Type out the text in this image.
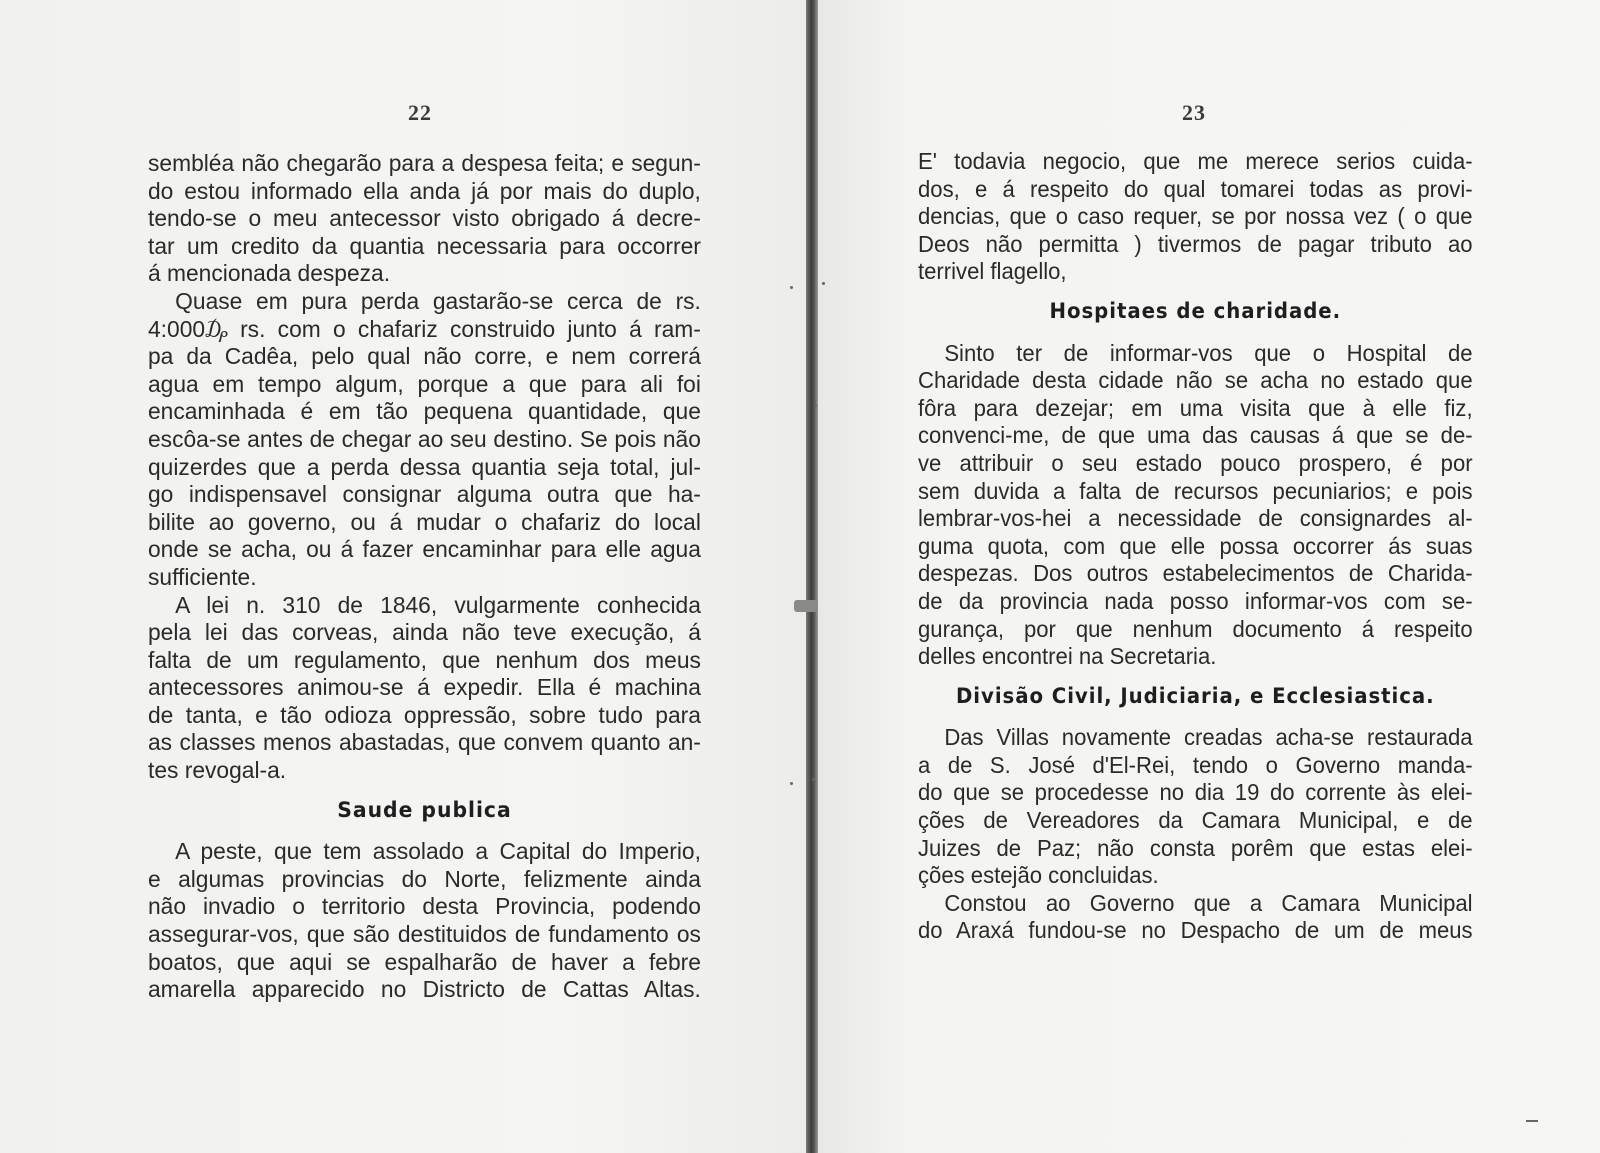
22
sembléa não chegarão para a despesa feita; e segun-
do estou informado ella anda já por mais do duplo,
tendo-se o meu antecessor visto obrigado á decre-
tar um credito da quantia necessaria para occorrer
á mencionada despeza.
Quase em pura perda gastarão-se cerca de rs.
4:000₯ rs. com o chafariz construido junto á ram-
pa da Cadêa, pelo qual não corre, e nem correrá
agua em tempo algum, porque a que para ali foi
encaminhada é em tão pequena quantidade, que
escôa-se antes de chegar ao seu destino. Se pois não
quizerdes que a perda dessa quantia seja total, jul-
go indispensavel consignar alguma outra que ha-
bilite ao governo, ou á mudar o chafariz do local
onde se acha, ou á fazer encaminhar para elle agua
sufficiente.
A lei n. 310 de 1846, vulgarmente conhecida
pela lei das corveas, ainda não teve execução, á
falta de um regulamento, que nenhum dos meus
antecessores animou-se á expedir. Ella é machina
de tanta, e tão odioza oppressão, sobre tudo para
as classes menos abastadas, que convem quanto an-
tes revogal-a.
Saude publica
A peste, que tem assolado a Capital do Imperio,
e algumas provincias do Norte, felizmente ainda
não invadio o territorio desta Provincia, podendo
assegurar-vos, que são destituidos de fundamento os
boatos, que aqui se espalharão de haver a febre
amarella apparecido no Districto de Cattas Altas.
23
E' todavia negocio, que me merece serios cuida-
dos, e á respeito do qual tomarei todas as provi-
dencias, que o caso requer, se por nossa vez ( o que
Deos não permitta ) tivermos de pagar tributo ao
terrivel flagello,
Hospitaes de charidade.
Sinto ter de informar-vos que o Hospital de
Charidade desta cidade não se acha no estado que
fôra para dezejar; em uma visita que à elle fiz,
convenci-me, de que uma das causas á que se de-
ve attribuir o seu estado pouco prospero, é por
sem duvida a falta de recursos pecuniarios; e pois
lembrar-vos-hei a necessidade de consignardes al-
guma quota, com que elle possa occorrer ás suas
despezas. Dos outros estabelecimentos de Charida-
de da provincia nada posso informar-vos com se-
gurança, por que nenhum documento á respeito
delles encontrei na Secretaria.
Divisão Civil, Judiciaria, e Ecclesiastica.
Das Villas novamente creadas acha-se restaurada
a de S. José d'El-Rei, tendo o Governo manda-
do que se procedesse no dia 19 do corrente às elei-
ções de Vereadores da Camara Municipal, e de
Juizes de Paz; não consta porêm que estas elei-
ções estejão concluidas.
Constou ao Governo que a Camara Municipal
do Araxá fundou-se no Despacho de um de meus
